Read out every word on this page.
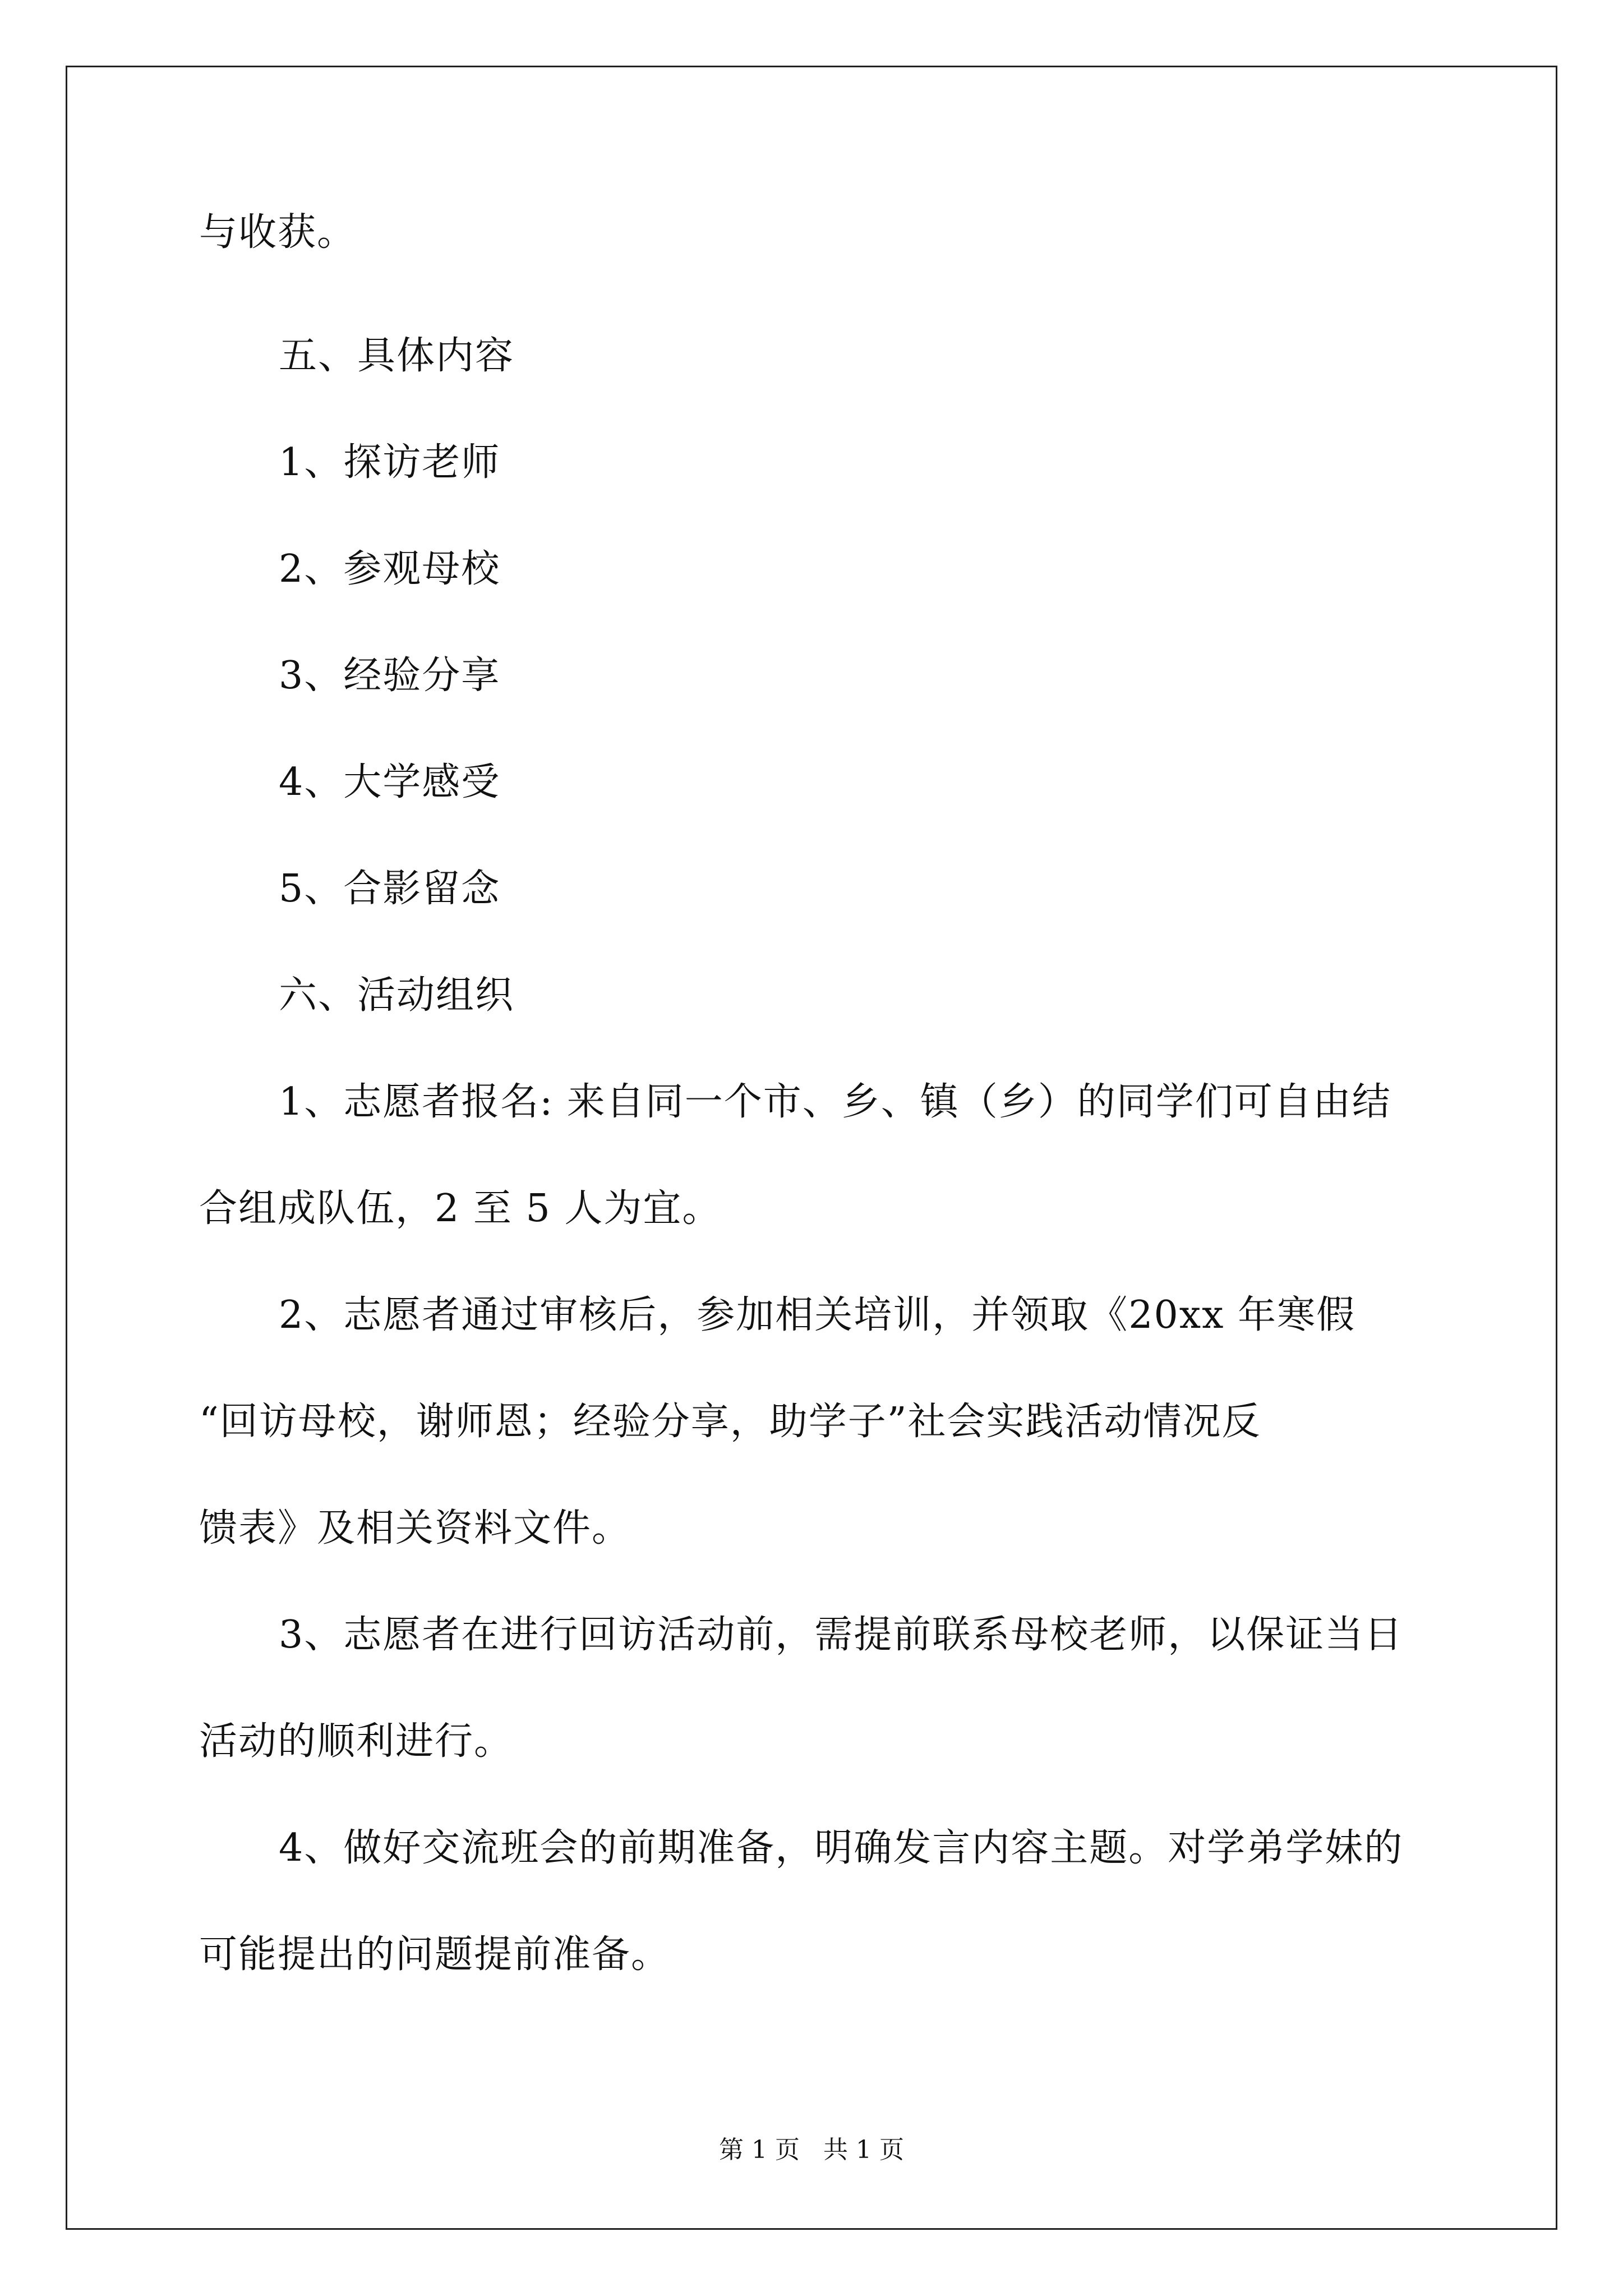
与收获。
五、具体内容
1、探访老师
2、参观母校
3、经验分享
4、大学感受
5、合影留念
六、活动组织
1、志愿者报名: 来自同一个市、乡、镇（乡）的同学们可自由结
合组成队伍，2 至 5 人为宜。
2、志愿者通过审核后，参加相关培训，并领取《20xx 年寒假
“回访母校，谢师恩；经验分享，助学子”社会实践活动情况反
馈表》及相关资料文件。
3、志愿者在进行回访活动前，需提前联系母校老师，以保证当日
活动的顺利进行。
4、做好交流班会的前期准备，明确发言内容主题。对学弟学妹的
可能提出的问题提前准备。
第 1 页   共 1 页
